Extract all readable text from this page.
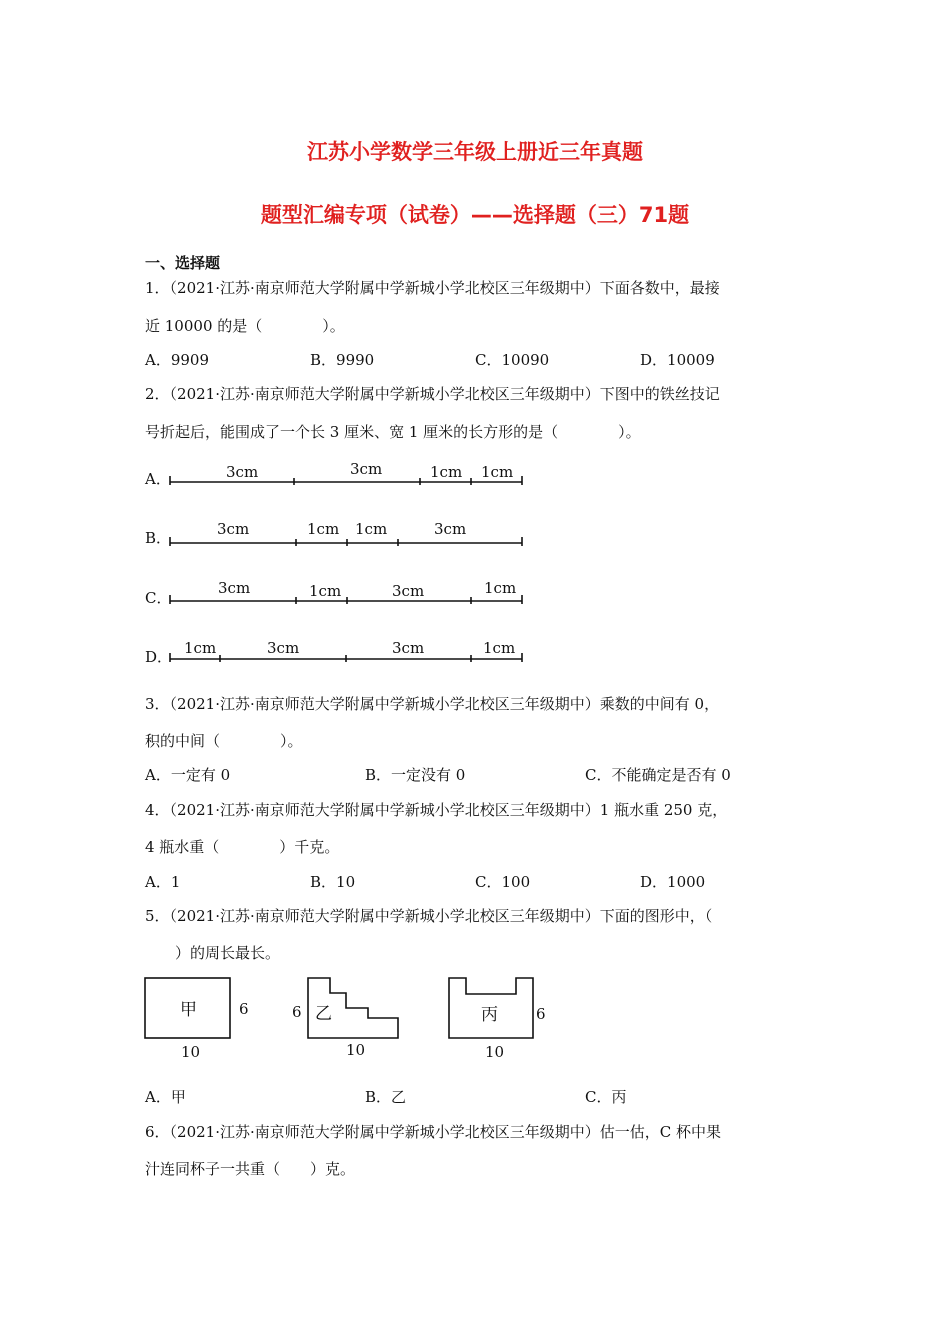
江苏小学数学三年级上册近三年真题
题型汇编专项（试卷）——选择题（三）71题
一、选择题
1．（2021·江苏·南京师范大学附属中学新城小学北校区三年级期中）下面各数中，最接
近 10000 的是（　　　　）。
A．9909	B．9990	C．10090	D．10009
2．（2021·江苏·南京师范大学附属中学新城小学北校区三年级期中）下图中的铁丝技记
号折起后，能围成了一个长 3 厘米、宽 1 厘米的长方形的是（　　　　）。
A．
B．
C．
D．
3cm	3cm	1cm 1cm
3cm	1cm 1cm	3cm
3cm	1cm	3cm	1cm
1cm	3cm	3cm	1cm
甲	6
10
乙
6
10
丙	6
10
3．（2021·江苏·南京师范大学附属中学新城小学北校区三年级期中）乘数的中间有 0，
积的中间（　　　　）。
A．一定有 0	B．一定没有 0	C．不能确定是否有 0
4．（2021·江苏·南京师范大学附属中学新城小学北校区三年级期中）1 瓶水重 250 克，
4 瓶水重（　　　　）千克。
A．1	B．10	C．100	D．1000
5．（2021·江苏·南京师范大学附属中学新城小学北校区三年级期中）下面的图形中，（
　　）的周长最长。
A．甲	B．乙	C．丙
6．（2021·江苏·南京师范大学附属中学新城小学北校区三年级期中）估一估，C 杯中果
汁连同杯子一共重（　　）克。
